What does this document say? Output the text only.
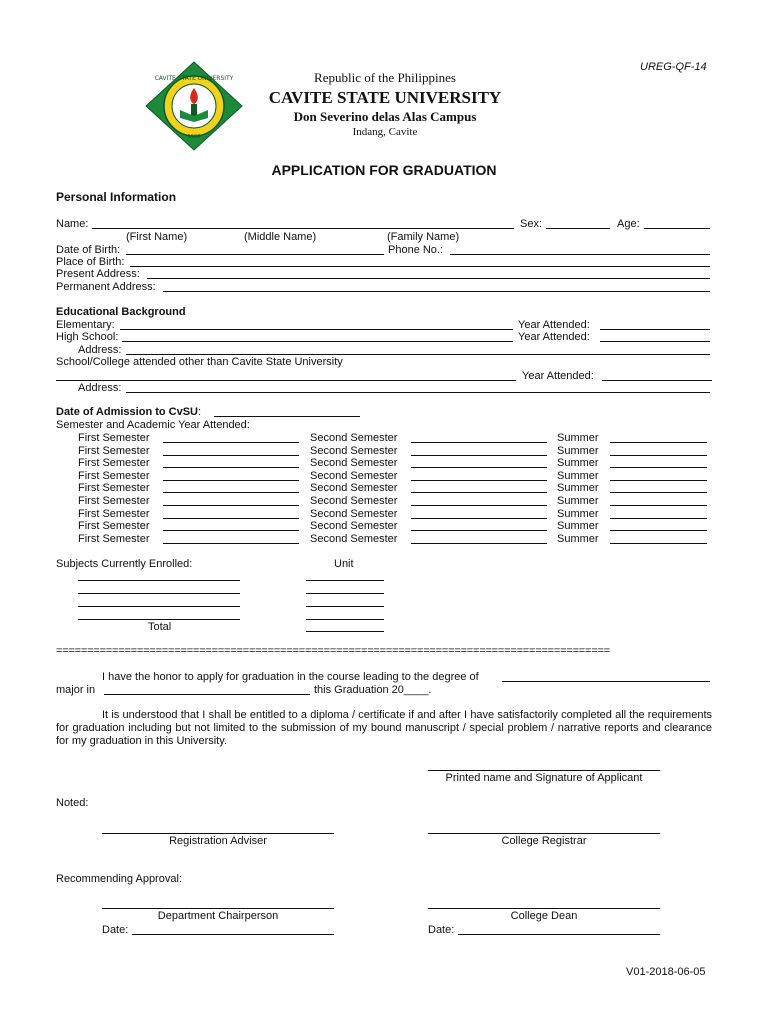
UREG-QF-14
CAVITE STATE UNIVERSITY
1906
Republic of the Philippines
CAVITE STATE UNIVERSITY
Don Severino delas Alas Campus
Indang, Cavite
APPLICATION FOR GRADUATION
Personal Information
Name:	Sex:	Age:
(First Name)	(Middle Name)	(Family Name)
Date of Birth:	Phone No.:
Place of Birth:
Present Address:
Permanent Address:
Educational Background
Elementary:	Year Attended:
High School:	Year Attended:
Address:
School/College attended other than Cavite State University
Year Attended:
Address:
Date of Admission to CvSU:
Semester and Academic Year Attended:
First Semester	Second Semester	Summer
First Semester	Second Semester	Summer
First Semester	Second Semester	Summer
First Semester	Second Semester	Summer
First Semester	Second Semester	Summer
First Semester	Second Semester	Summer
First Semester	Second Semester	Summer
First Semester	Second Semester	Summer
First Semester	Second Semester	Summer
Subjects Currently Enrolled:	Unit
Total
=========================================================================================
I have the honor to apply for graduation in the course leading to the degree of
major in	this Graduation 20____.
It is understood that I shall be entitled to a diploma / certificate if and after I have satisfactorily completed all the requirements for graduation including but not limited to the submission of my bound manuscript / special problem / narrative reports and clearance for my graduation in this University.
Printed name and Signature of Applicant
Noted:
Registration Adviser	College Registrar
Recommending Approval:
Department Chairperson	College Dean
Date:	Date:
V01-2018-06-05
